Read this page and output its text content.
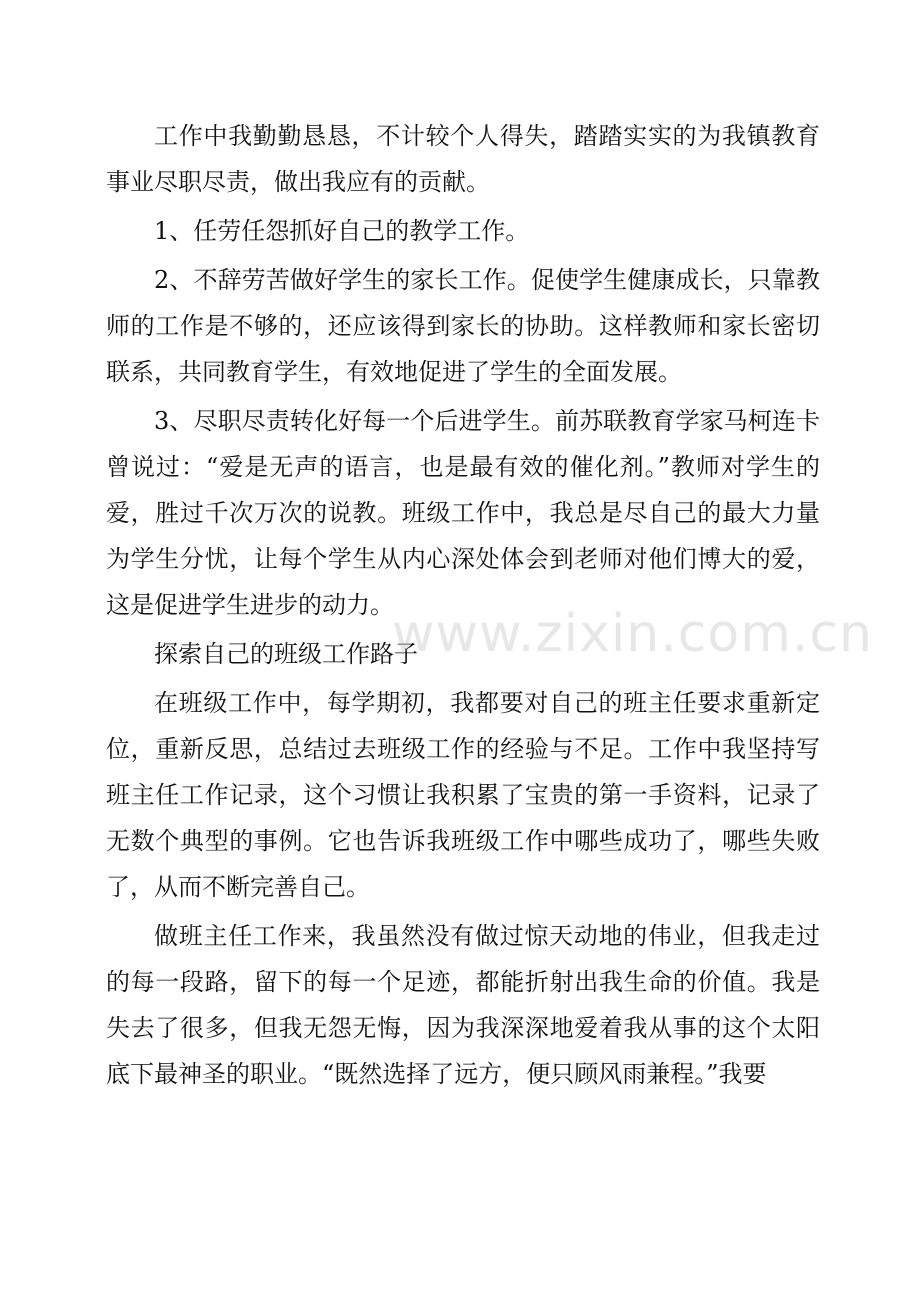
工作中我勤勤恳恳，不计较个人得失，踏踏实实的为我镇教育事业尽职尽责，做出我应有的贡献。

1、任劳任怨抓好自己的教学工作。

2、不辞劳苦做好学生的家长工作。促使学生健康成长，只靠教师的工作是不够的，还应该得到家长的协助。这样教师和家长密切联系，共同教育学生，有效地促进了学生的全面发展。

3、尽职尽责转化好每一个后进学生。前苏联教育学家马柯连卡曾说过：“爱是无声的语言，也是最有效的催化剂。”教师对学生的爱，胜过千次万次的说教。班级工作中，我总是尽自己的最大力量为学生分忧，让每个学生从内心深处体会到老师对他们博大的爱，这是促进学生进步的动力。

探索自己的班级工作路子

在班级工作中，每学期初，我都要对自己的班主任要求重新定位，重新反思，总结过去班级工作的经验与不足。工作中我坚持写班主任工作记录，这个习惯让我积累了宝贵的第一手资料，记录了无数个典型的事例。它也告诉我班级工作中哪些成功了，哪些失败了，从而不断完善自己。

做班主任工作来，我虽然没有做过惊天动地的伟业，但我走过的每一段路，留下的每一个足迹，都能折射出我生命的价值。我是失去了很多，但我无怨无悔，因为我深深地爱着我从事的这个太阳底下最神圣的职业。“既然选择了远方，便只顾风雨兼程。”我要

www.zixin.com.cn
